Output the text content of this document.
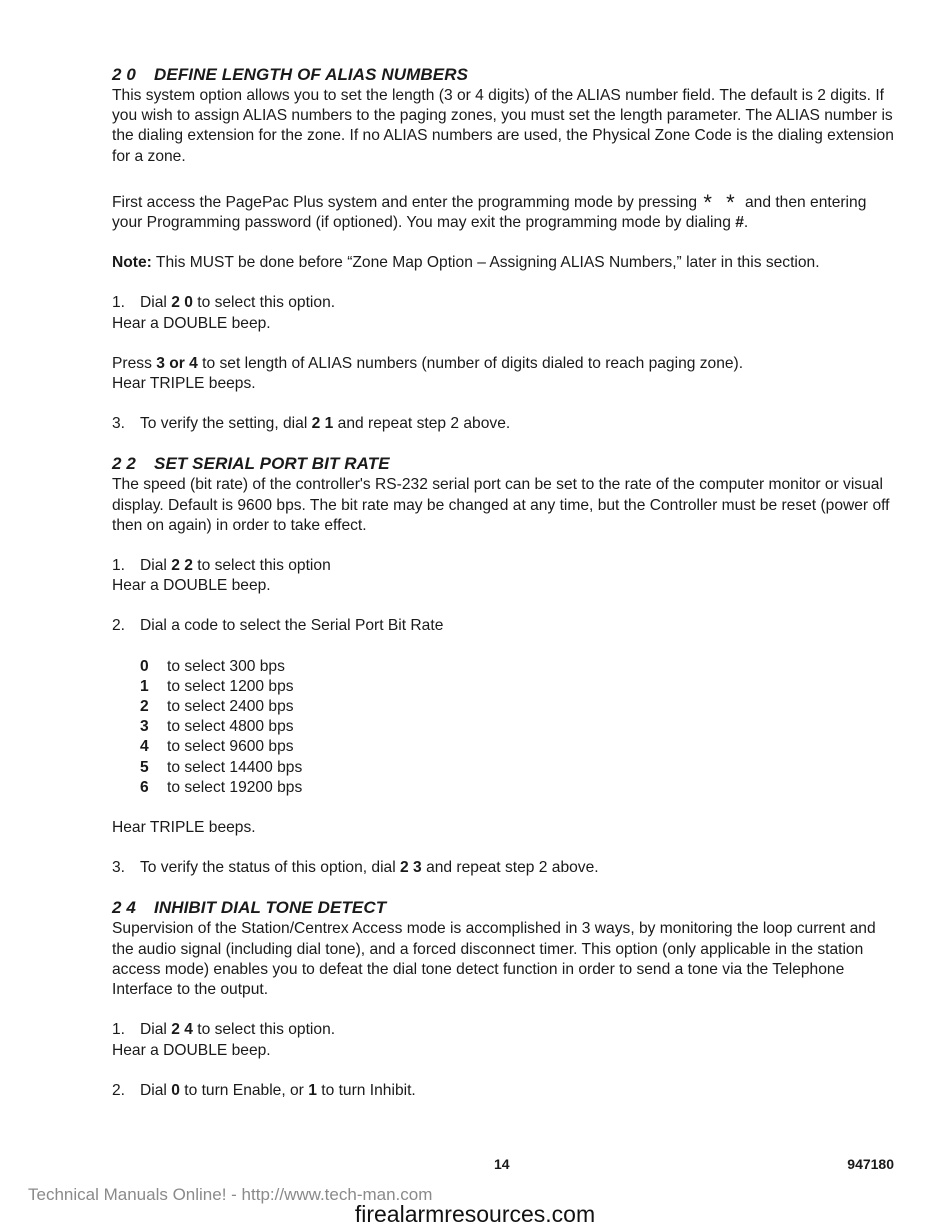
2 0 DEFINE LENGTH OF ALIAS NUMBERS

This system option allows you to set the length (3 or 4 digits) of the ALIAS number field. The default is 2 digits. If you wish to assign ALIAS numbers to the paging zones, you must set the length parameter. The ALIAS number is the dialing extension for the zone. If no ALIAS numbers are used, the Physical Zone Code is the dialing extension for a zone.

First access the PagePac Plus system and enter the programming mode by pressing * * and then entering your Programming password (if optioned). You may exit the programming mode by dialing #.

Note: This MUST be done before “Zone Map Option – Assigning ALIAS Numbers,” later in this section.

1. Dial 2 0 to select this option.

Hear a DOUBLE beep.

Press 3 or 4 to set length of ALIAS numbers (number of digits dialed to reach paging zone).

Hear TRIPLE beeps.

3. To verify the setting, dial 2 1 and repeat step 2 above.

2 2 SET SERIAL PORT BIT RATE

The speed (bit rate) of the controller's RS-232 serial port can be set to the rate of the computer monitor or visual display. Default is 9600 bps. The bit rate may be changed at any time, but the Controller must be reset (power off then on again) in order to take effect.

1. Dial 2 2 to select this option

Hear a DOUBLE beep.

2. Dial a code to select the Serial Port Bit Rate

0	to select 300 bps
1	to select 1200 bps
2	to select 2400 bps
3	to select 4800 bps
4	to select 9600 bps
5	to select 14400 bps
6	to select 19200 bps

Hear TRIPLE beeps.

3. To verify the status of this option, dial 2 3 and repeat step 2 above.

2 4 INHIBIT DIAL TONE DETECT

Supervision of the Station/Centrex Access mode is accomplished in 3 ways, by monitoring the loop current and the audio signal (including dial tone), and a forced disconnect timer. This option (only applicable in the station access mode) enables you to defeat the dial tone detect function in order to send a tone via the Telephone Interface to the output.

1. Dial 2 4 to select this option.

Hear a DOUBLE beep.

2. Dial 0 to turn Enable, or 1 to turn Inhibit.

14	947180
Technical Manuals Online! - http://www.tech-man.com
firealarmresources.com
